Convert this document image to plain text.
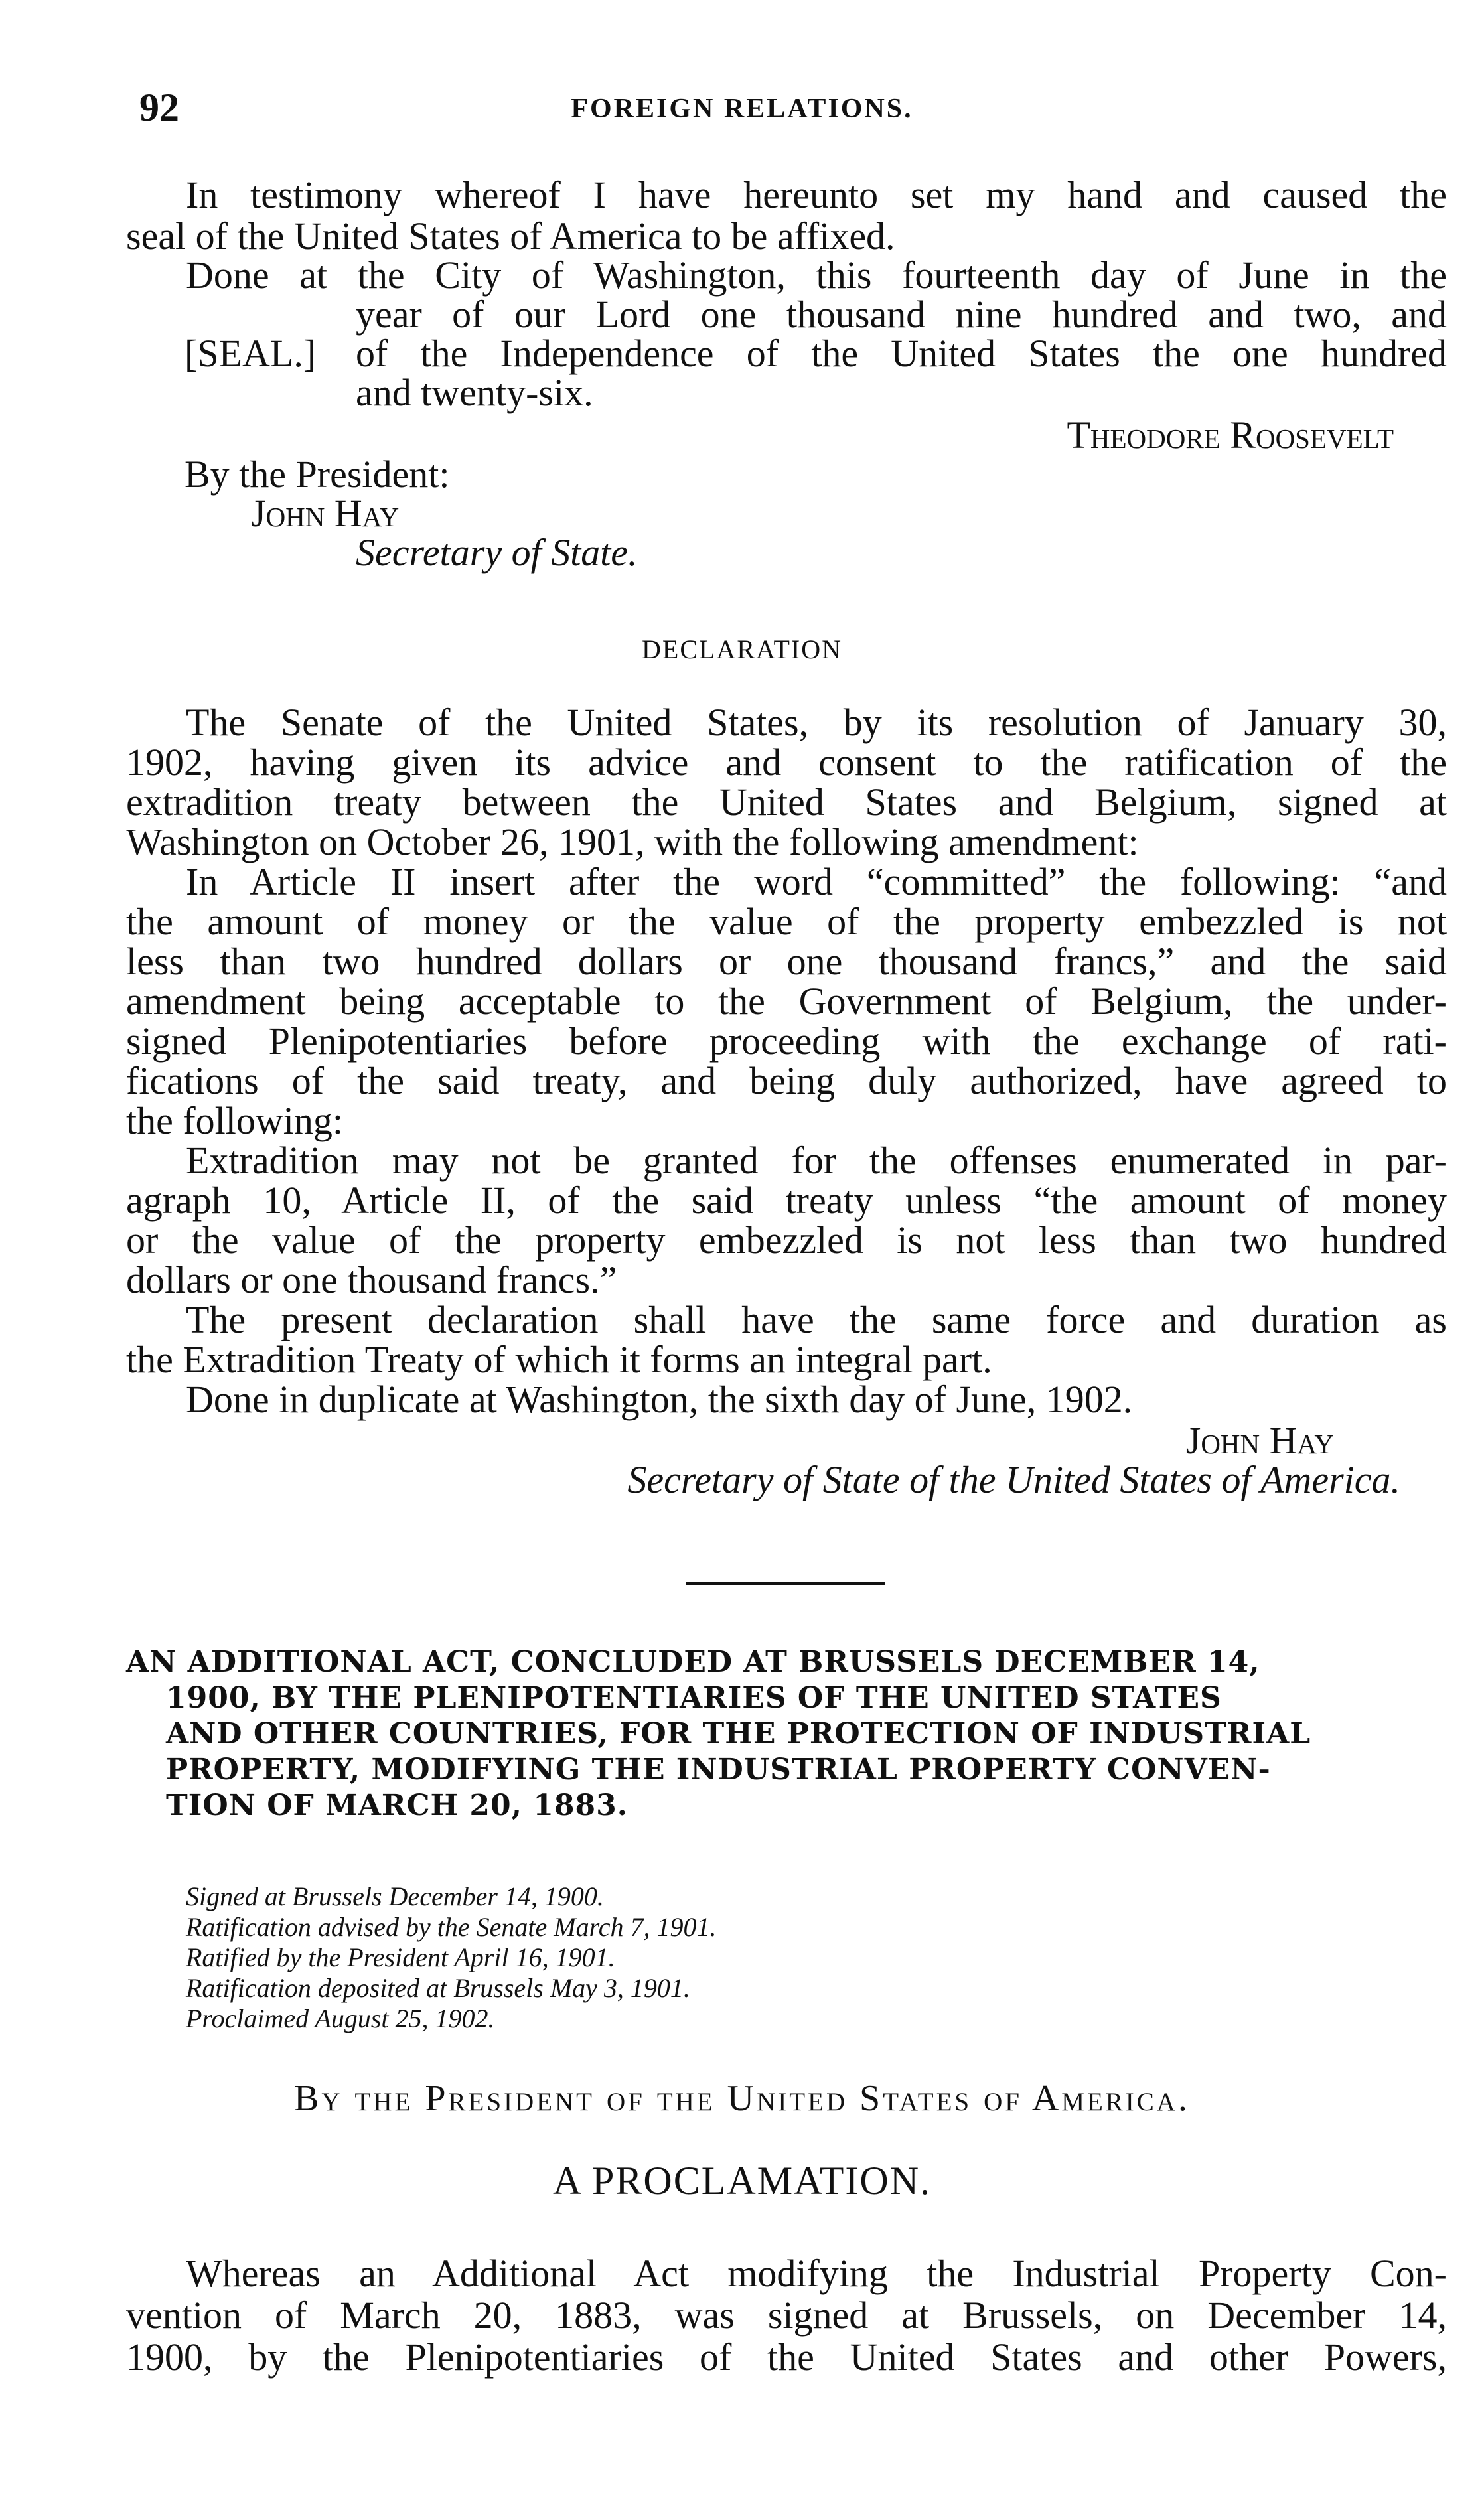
92	FOREIGN RELATIONS.

In testimony whereof I have hereunto set my hand and caused the

seal of the United States of America to be affixed.

Done at the City of Washington, this fourteenth day of June in the

year of our Lord one thousand nine hundred and two, and

[SEAL.] of the Independence of the United States the one hundred

and twenty-six.

Theodore Roosevelt

By the President:

John Hay

Secretary of State.

DECLARATION

The Senate of the United States, by its resolution of January 30,

1902, having given its advice and consent to the ratification of the

extradition treaty between the United States and Belgium, signed at

Washington on October 26, 1901, with the following amendment:

In Article II insert after the word “committed” the following: “and

the amount of money or the value of the property embezzled is not

less than two hundred dollars or one thousand francs,” and the said

amendment being acceptable to the Government of Belgium, the under-

signed Plenipotentiaries before proceeding with the exchange of rati-

fications of the said treaty, and being duly authorized, have agreed to

the following:

Extradition may not be granted for the offenses enumerated in par-

agraph 10, Article II, of the said treaty unless “the amount of money

or the value of the property embezzled is not less than two hundred

dollars or one thousand francs.”

The present declaration shall have the same force and duration as

the Extradition Treaty of which it forms an integral part.

Done in duplicate at Washington, the sixth day of June, 1902.

John Hay

Secretary of State of the United States of America.

AN ADDITIONAL ACT, CONCLUDED AT BRUSSELS DECEMBER 14,
1900, BY THE PLENIPOTENTIARIES OF THE UNITED STATES
AND OTHER COUNTRIES, FOR THE PROTECTION OF INDUSTRIAL
PROPERTY, MODIFYING THE INDUSTRIAL PROPERTY CONVEN-
TION OF MARCH 20, 1883.
Signed at Brussels December 14, 1900.
Ratification advised by the Senate March 7, 1901.
Ratified by the President April 16, 1901.
Ratification deposited at Brussels May 3, 1901.
Proclaimed August 25, 1902.

By the President of the United States of America.

A PROCLAMATION.

Whereas an Additional Act modifying the Industrial Property Con-

vention of March 20, 1883, was signed at Brussels, on December 14,

1900, by the Plenipotentiaries of the United States and other Powers,
